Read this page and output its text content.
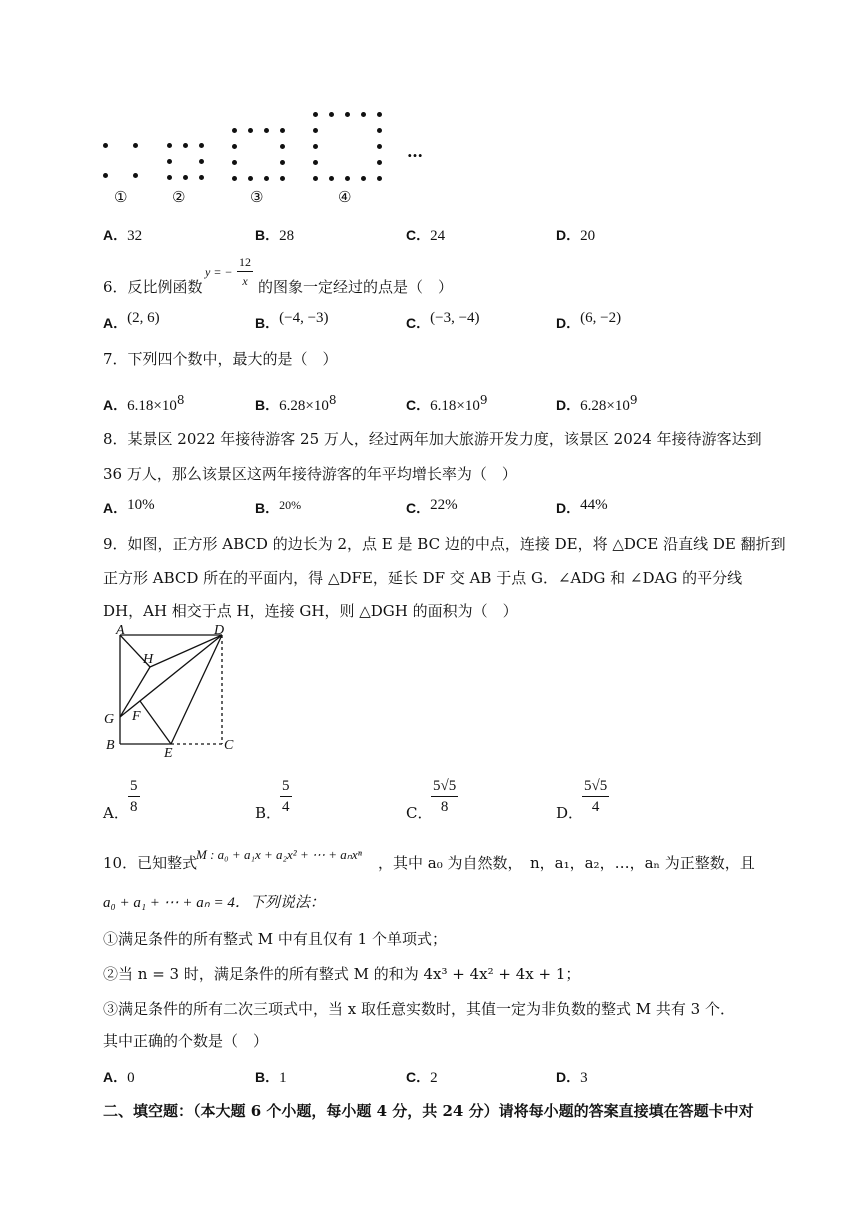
①	②	③	④
…
A．32	B．28	C．24	D．20
6．反比例函数
y = − $\frac{12}{x}$ 的图象一定经过的点是（　）
A．(2, 6)	B．(−4, −3)	C．(−3, −4)	D．(6, −2)
7．下列四个数中，最大的是（　）
A．$6.18\times 10^8$	B．$6.28\times 10^8$	C．$6.18\times 10^9$	D．$6.28\times 10^9$
8．某景区 2022 年接待游客 25 万人，经过两年加大旅游开发力度，该景区 2024 年接待游客达到
36 万人，那么该景区这两年接待游客的年平均增长率为（　）
A．10%	B．$^{20\%}$	C．22%	D．44%
9．如图，正方形 ABCD 的边长为 2，点 E 是 BC 边的中点，连接 DE，将 △DCE 沿直线 DE 翻折到
正方形 ABCD 所在的平面内，得 △DFE，延长 DF 交 AB 于点 G．∠ADG 和 ∠DAG 的平分线
DH，AH 相交于点 H，连接 GH，则 △DGH 的面积为（　）
A	D
H
G F
B
E
C
A． $\frac{5}{8}$	B．
$\frac{5}{4}$	C．
$\frac{5√5}{8}$	D．
$\frac{5√5}{4}$
10．已知整式
M : a₀ + a₁x + a₂x² + ⋯ + aₙxⁿ ，其中 a₀ 为自然数，　n，a₁，a₂，…，aₙ 为正整数，且
a₀ + a₁ + ⋯ + aₙ = 4．下列说法：
①满足条件的所有整式 M 中有且仅有 1 个单项式；
②当 n = 3 时，满足条件的所有整式 M 的和为 4x³ + 4x² + 4x + 1；
③满足条件的所有二次三项式中，当 x 取任意实数时，其值一定为非负数的整式 M 共有 3 个．
其中正确的个数是（　）
A．0	B．1	C．2	D．3
二、填空题：（本大题 6 个小题，每小题 4 分，共 24 分）请将每小题的答案直接填在答题卡中对
